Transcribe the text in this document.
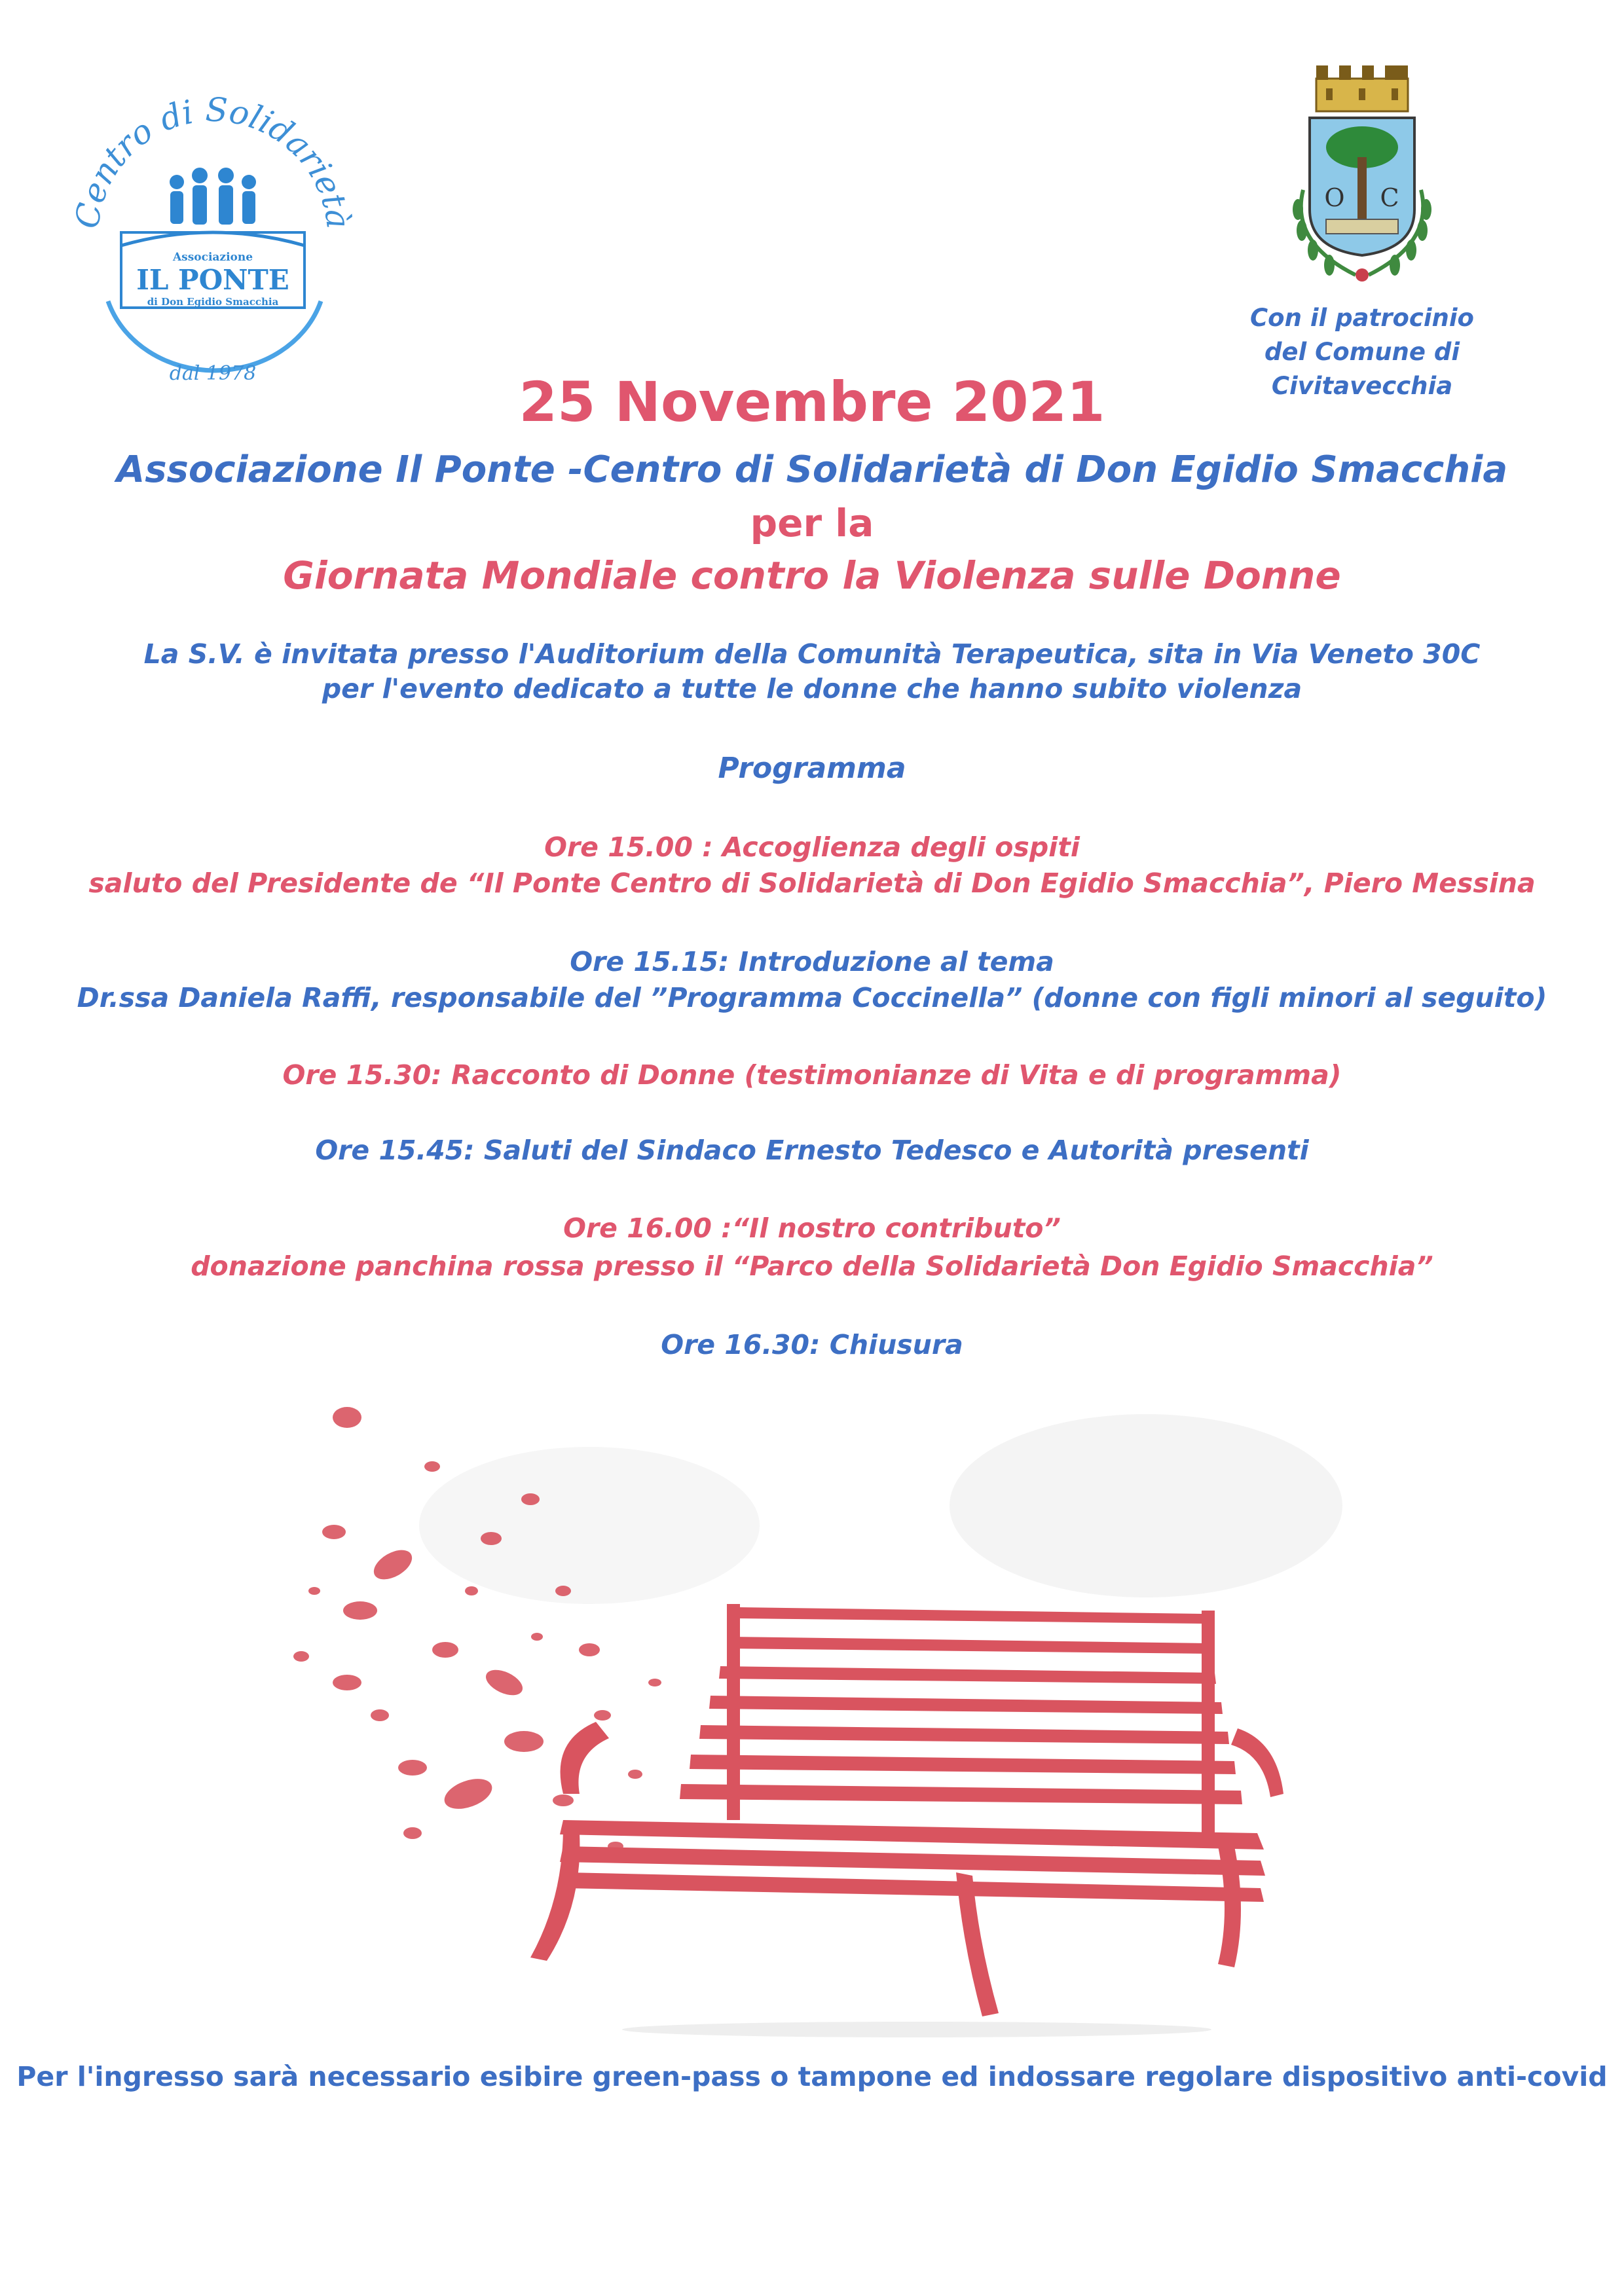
Centro di Solidarietà
Associazione
IL PONTE
di Don Egidio Smacchia
dal 1978
O C
Con il patrocinio
del Comune di Civitavecchia
25 Novembre 2021
Associazione Il Ponte -Centro di Solidarietà di Don Egidio Smacchia
per la
Giornata Mondiale contro la Violenza sulle Donne
La S.V. è invitata presso l'Auditorium della Comunità Terapeutica, sita in Via Veneto 30C
per l'evento dedicato a tutte le donne che hanno subito violenza
Programma
Ore 15.00 : Accoglienza degli ospiti
saluto del Presidente de “Il Ponte Centro di Solidarietà di Don Egidio Smacchia”, Piero Messina
Ore 15.15: Introduzione al tema
Dr.ssa Daniela Raffi, responsabile del ”Programma Coccinella” (donne con figli minori al seguito)
Ore 15.30: Racconto di Donne (testimonianze di Vita e di programma)
Ore 15.45: Saluti del Sindaco Ernesto Tedesco e Autorità presenti
Ore 16.00 :“Il nostro contributo”
donazione panchina rossa presso il “Parco della Solidarietà Don Egidio Smacchia”
Ore 16.30: Chiusura
Per l'ingresso sarà necessario esibire green-pass o tampone ed indossare regolare dispositivo anti-covid
